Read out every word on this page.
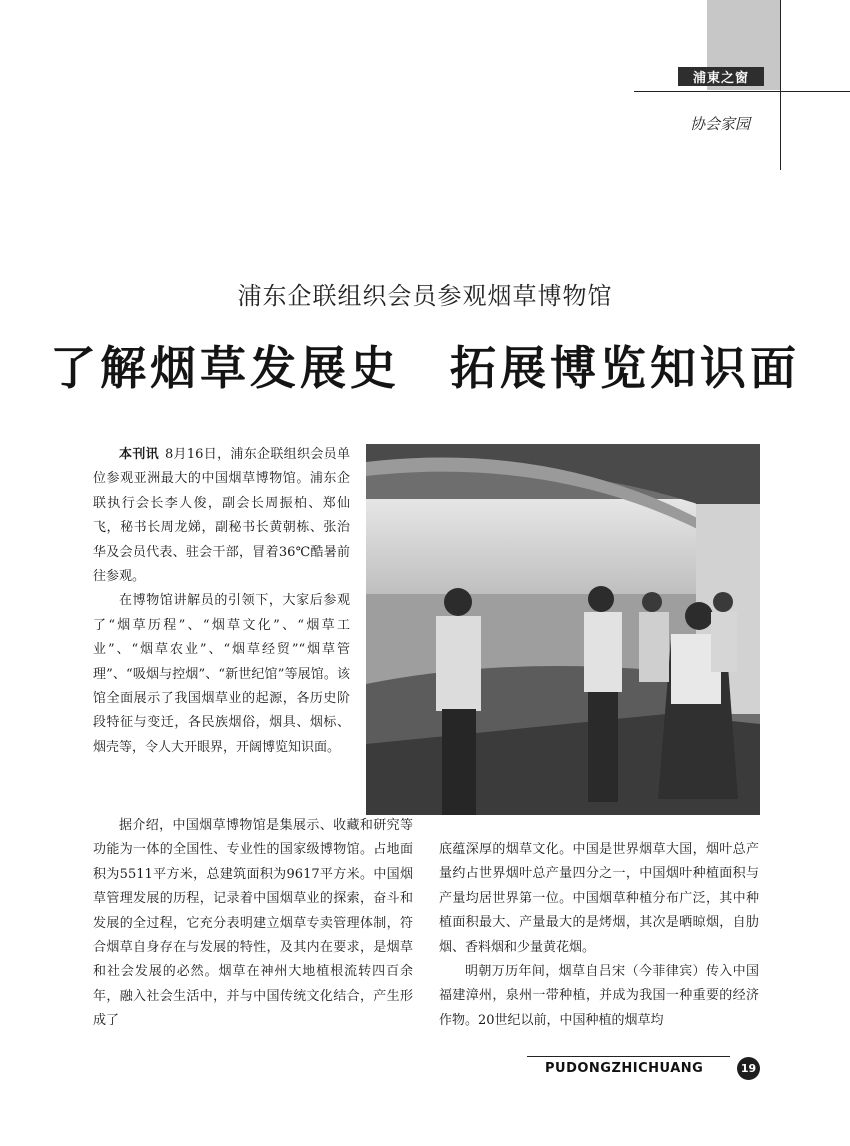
浦東之窗
协会家园
浦东企联组织会员参观烟草博物馆
了解烟草发展史　拓展博览知识面

本刊讯 8月16日，浦东企联组织会员单位参观亚洲最大的中国烟草博物馆。浦东企联执行会长李人俊，副会长周振柏、郑仙飞，秘书长周龙娣，副秘书长黄朝栋、张治华及会员代表、驻会干部，冒着36℃酷暑前往参观。

在博物馆讲解员的引领下，大家后参观了“烟草历程”、“烟草文化”、“烟草工业”、“烟草农业”、“烟草经贸”“烟草管理”、“吸烟与控烟”、“新世纪馆”等展馆。该馆全面展示了我国烟草业的起源，各历史阶段特征与变迁，各民族烟俗，烟具、烟标、烟壳等，令人大开眼界，开阔博览知识面。

据介绍，中国烟草博物馆是集展示、收藏和研究等功能为一体的全国性、专业性的国家级博物馆。占地面积为5511平方米，总建筑面积为9617平方米。中国烟草管理发展的历程，记录着中国烟草业的探索，奋斗和发展的全过程，它充分表明建立烟草专卖管理体制，符合烟草自身存在与发展的特性，及其内在要求，是烟草和社会发展的必然。烟草在神州大地植根流转四百余年，融入社会生活中，并与中国传统文化结合，产生形成了

底蕴深厚的烟草文化。中国是世界烟草大国，烟叶总产量约占世界烟叶总产量四分之一，中国烟叶种植面积与产量均居世界第一位。中国烟草种植分布广泛，其中种植面积最大、产量最大的是烤烟，其次是晒晾烟，自肋烟、香料烟和少量黄花烟。

明朝万历年间，烟草自吕宋（今菲律宾）传入中国福建漳州，泉州一带种植，并成为我国一种重要的经济作物。20世纪以前，中国种植的烟草均

PUDONGZHICHUANG	19
